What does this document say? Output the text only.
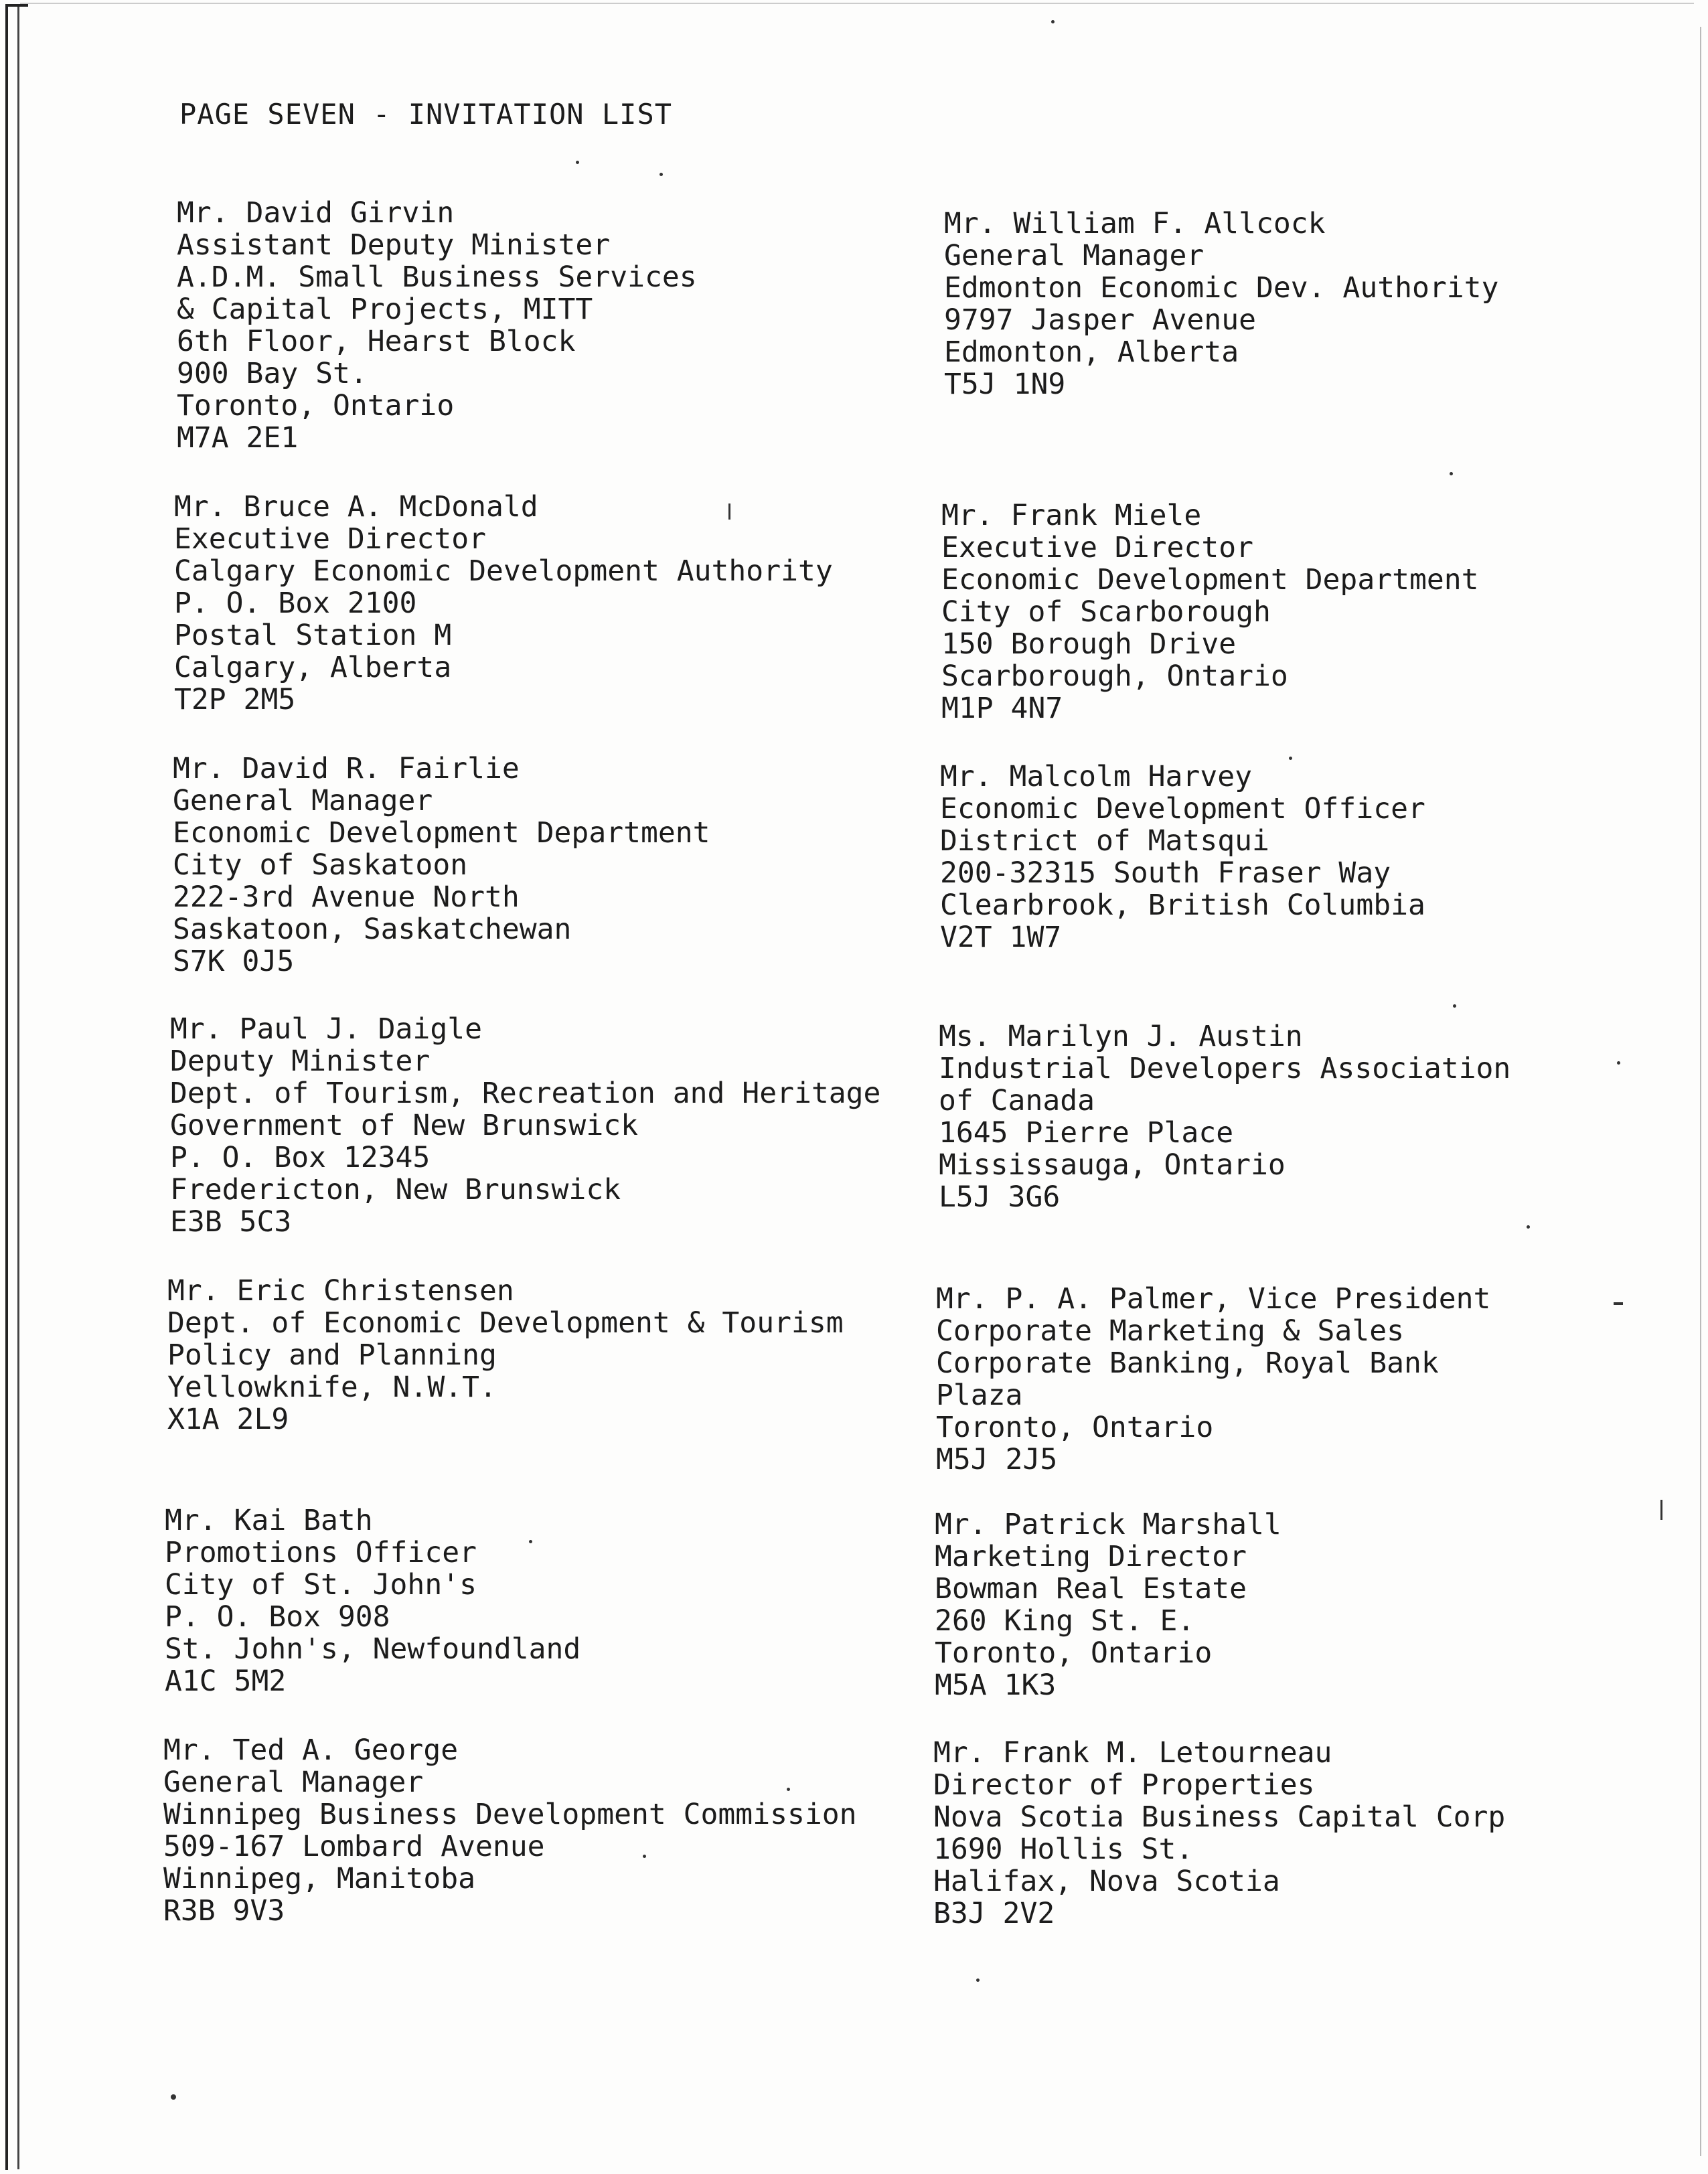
PAGE SEVEN - INVITATION LIST
Mr. David Girvin
Assistant Deputy Minister
A.D.M. Small Business Services
& Capital Projects, MITT
6th Floor, Hearst Block
900 Bay St.
Toronto, Ontario
M7A 2E1
Mr. Bruce A. McDonald
Executive Director
Calgary Economic Development Authority
P. O. Box 2100
Postal Station M
Calgary, Alberta
T2P 2M5
Mr. David R. Fairlie
General Manager
Economic Development Department
City of Saskatoon
222-3rd Avenue North
Saskatoon, Saskatchewan
S7K 0J5
Mr. Paul J. Daigle
Deputy Minister
Dept. of Tourism, Recreation and Heritage
Government of New Brunswick
P. O. Box 12345
Fredericton, New Brunswick
E3B 5C3
Mr. Eric Christensen
Dept. of Economic Development & Tourism
Policy and Planning
Yellowknife, N.W.T.
X1A 2L9
Mr. Kai Bath
Promotions Officer
City of St. John's
P. O. Box 908
St. John's, Newfoundland
A1C 5M2
Mr. Ted A. George
General Manager
Winnipeg Business Development Commission
509-167 Lombard Avenue
Winnipeg, Manitoba
R3B 9V3
Mr. William F. Allcock
General Manager
Edmonton Economic Dev. Authority
9797 Jasper Avenue
Edmonton, Alberta
T5J 1N9
Mr. Frank Miele
Executive Director
Economic Development Department
City of Scarborough
150 Borough Drive
Scarborough, Ontario
M1P 4N7
Mr. Malcolm Harvey
Economic Development Officer
District of Matsqui
200-32315 South Fraser Way
Clearbrook, British Columbia
V2T 1W7
Ms. Marilyn J. Austin
Industrial Developers Association
of Canada
1645 Pierre Place
Mississauga, Ontario
L5J 3G6
Mr. P. A. Palmer, Vice President
Corporate Marketing & Sales
Corporate Banking, Royal Bank
Plaza
Toronto, Ontario
M5J 2J5
Mr. Patrick Marshall
Marketing Director
Bowman Real Estate
260 King St. E.
Toronto, Ontario
M5A 1K3
Mr. Frank M. Letourneau
Director of Properties
Nova Scotia Business Capital Corp
1690 Hollis St.
Halifax, Nova Scotia
B3J 2V2
